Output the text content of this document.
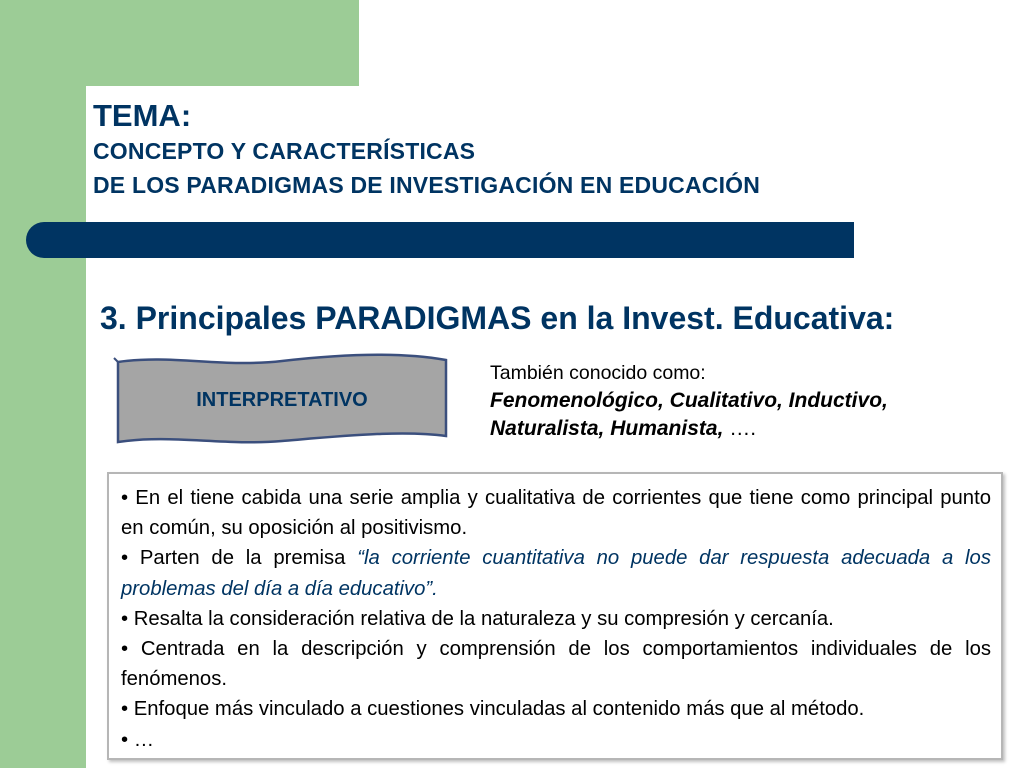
TEMA:
CONCEPTO Y CARACTERÍSTICAS
DE LOS PARADIGMAS DE INVESTIGACIÓN EN EDUCACIÓN
3. Principales PARADIGMAS en la Invest. Educativa:
INTERPRETATIVO
También conocido como:
Fenomenológico, Cualitativo, Inductivo,
Naturalista, Humanista, ….

• En el tiene cabida una serie amplia y cualitativa de corrientes que tiene como principal punto en común, su oposición al positivismo.

• Parten de la premisa “la corriente cuantitativa no puede dar respuesta adecuada a los problemas del día a día educativo”.

• Resalta la consideración relativa de la naturaleza y su compresión y cercanía.

• Centrada en la descripción y comprensión de los comportamientos individuales de los fenómenos.

• Enfoque más vinculado a cuestiones vinculadas al contenido más que al método.

• …
